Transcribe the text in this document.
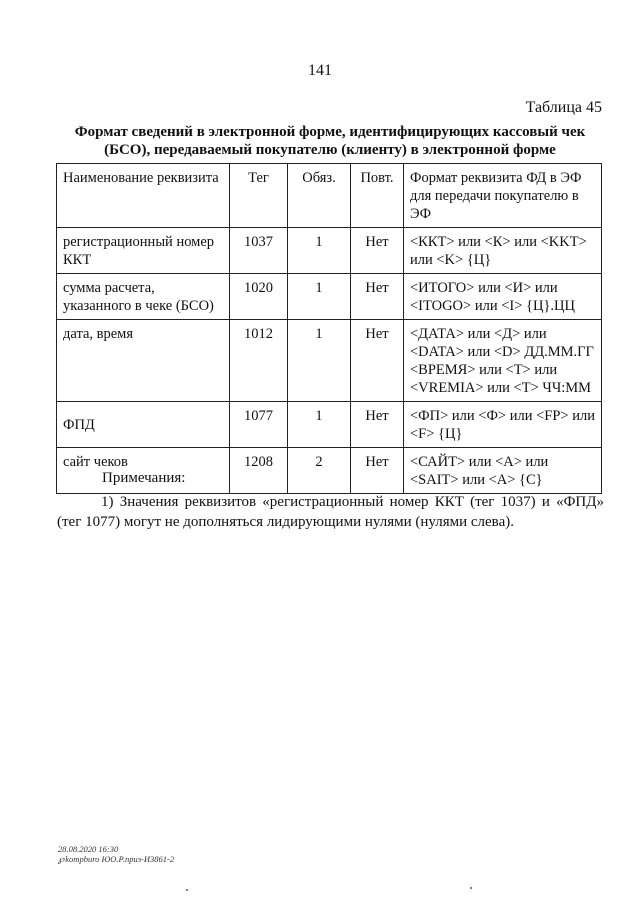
141
Таблица 45
Формат сведений в электронной форме, идентифицирующих кассовый чек (БСО), передаваемый покупателю (клиенту) в электронной форме
Наименование реквизита	Тег	Обяз.	Повт.	Формат реквизита ФД в ЭФ для передачи покупателю в ЭФ
регистрационный номер ККТ	1037	1	Нет	<ККТ> или <К> или <KKT> или <K> {Ц}
сумма расчета, указанного в чеке (БСО)	1020	1	Нет	<ИТОГО> или <И> или <ITOGO> или <I> {Ц}.ЦЦ
дата, время	1012	1	Нет	<ДАТА> или <Д> или <DATA> или <D> ДД.ММ.ГГ <ВРЕМЯ> или <Т> или <VREMIA> или <T> ЧЧ:ММ
ФПД	1077	1	Нет	<ФП> или <Ф> или <FP> или <F> {Ц}
сайт чеков	1208	2	Нет	<САЙТ> или <А> или <SAIT> или <A> {С}
Примечания:
1) Значения реквизитов «регистрационный номер ККТ (тег 1037) и «ФПД» (тег 1077) могут не дополняться лидирующими нулями (нулями слева).
28.08.2020 16:30
℘kompburo ЮО.Р.приз-И3861-2
